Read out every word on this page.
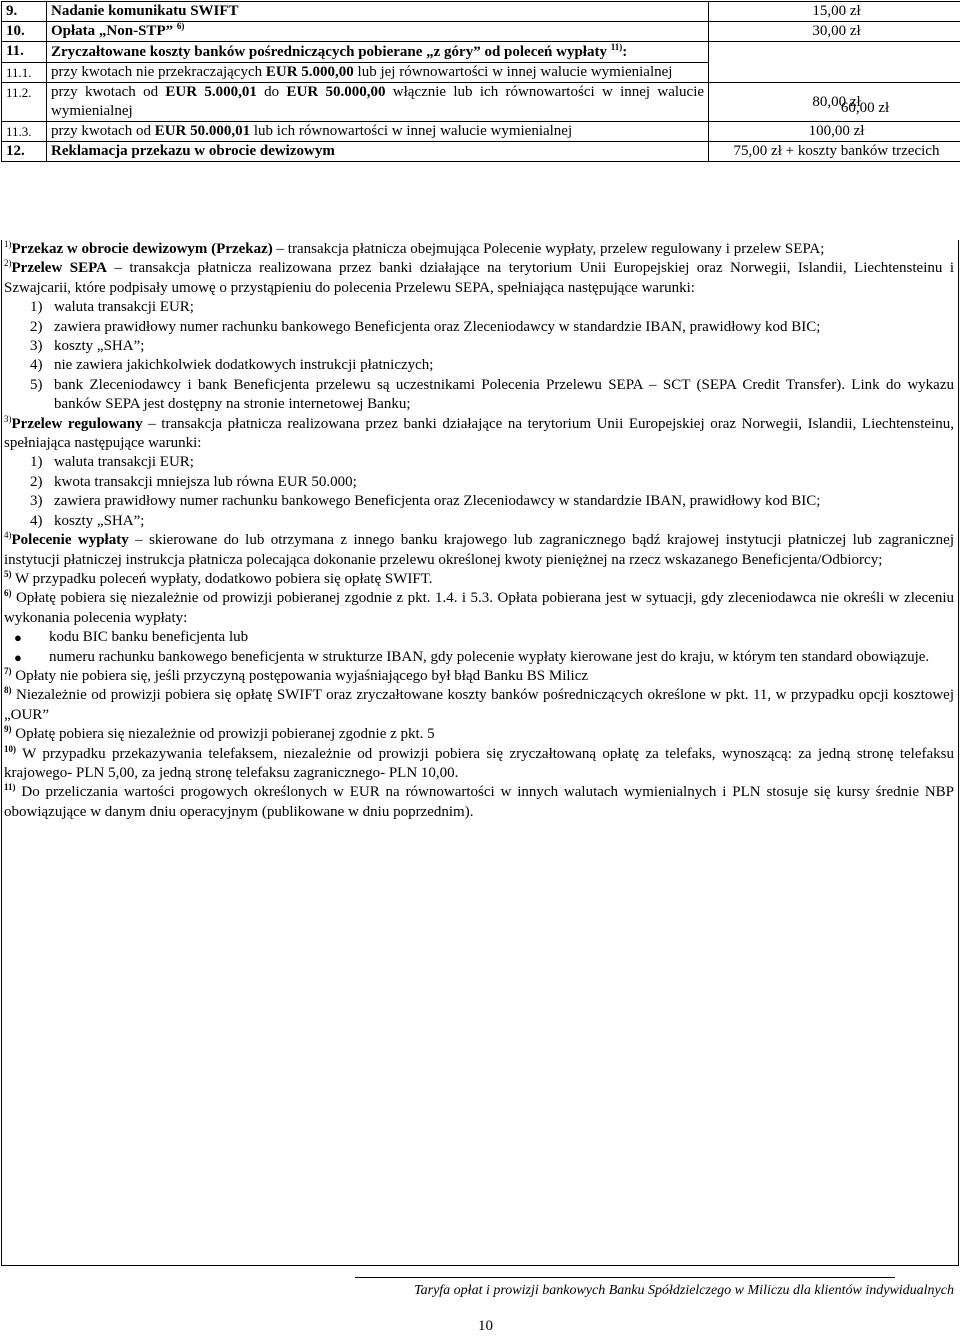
9.	Nadanie komunikatu SWIFT	15,00 zł
10.	Opłata „Non-STP” $^{6)}$	30,00 zł
11.	Zryczałtowane koszty banków pośredniczących pobierane „z góry” od poleceń wypłaty $^{11)}$:	
11.1.	przy kwotach nie przekraczających EUR 5.000,00 lub jej równowartości w innej walucie wymienialnej	
11.2.	przy kwotach od EUR 5.000,01 do EUR 50.000,00 włącznie lub ich równowartości w innej walucie wymienialnej	80,00 zł
11.3.	przy kwotach od EUR 50.000,01 lub ich równowartości w innej walucie wymienialnej	100,00 zł
12.	Reklamacja przekazu w obrocie dewizowym	75,00 zł + koszty banków trzecich
60,00 zł

$^{1)}$Przekaz w obrocie dewizowym (Przekaz) – transakcja płatnicza obejmująca Polecenie wypłaty, przelew regulowany i przelew SEPA;

$^{2)}$Przelew SEPA – transakcja płatnicza realizowana przez banki działające na terytorium Unii Europejskiej oraz Norwegii, Islandii, Liechtensteinu i Szwajcarii, które podpisały umowę o przystąpieniu do polecenia Przelewu SEPA, spełniająca następujące warunki:

1) waluta transakcji EUR;
2) zawiera prawidłowy numer rachunku bankowego Beneficjenta oraz Zleceniodawcy w standardzie IBAN, prawidłowy kod BIC;
3) koszty „SHA”;
4) nie zawiera jakichkolwiek dodatkowych instrukcji płatniczych;
5) bank Zleceniodawcy i bank Beneficjenta przelewu są uczestnikami Polecenia Przelewu SEPA – SCT (SEPA Credit Transfer). Link do wykazu banków SEPA jest dostępny na stronie internetowej Banku;

$^{3)}$Przelew regulowany – transakcja płatnicza realizowana przez banki działające na terytorium Unii Europejskiej oraz Norwegii, Islandii, Liechtensteinu, spełniająca następujące warunki:

1) waluta transakcji EUR;
2) kwota transakcji mniejsza lub równa EUR 50.000;
3) zawiera prawidłowy numer rachunku bankowego Beneficjenta oraz Zleceniodawcy w standardzie IBAN, prawidłowy kod BIC;
4) koszty „SHA”;

$^{4)}$Polecenie wypłaty – skierowane do lub otrzymana z innego banku krajowego lub zagranicznego bądź krajowej instytucji płatniczej lub zagranicznej instytucji płatniczej instrukcja płatnicza polecająca dokonanie przelewu określonej kwoty pieniężnej na rzecz wskazanego Beneficjenta/Odbiorcy;

$^{5)}$ W przypadku poleceń wypłaty, dodatkowo pobiera się opłatę SWIFT.

$^{6)}$ Opłatę pobiera się niezależnie od prowizji pobieranej zgodnie z pkt. 1.4. i 5.3. Opłata pobierana jest w sytuacji, gdy zleceniodawca nie określi w zleceniu wykonania polecenia wypłaty:

●	kodu BIC banku beneficjenta lub
●	numeru rachunku bankowego beneficjenta w strukturze IBAN, gdy polecenie wypłaty kierowane jest do kraju, w którym ten standard obowiązuje.

$^{7)}$ Opłaty nie pobiera się, jeśli przyczyną postępowania wyjaśniającego był błąd Banku BS Milicz

$^{8)}$ Niezależnie od prowizji pobiera się opłatę SWIFT oraz zryczałtowane koszty banków pośredniczących określone w pkt. 11, w przypadku opcji kosztowej „OUR”

$^{9)}$ Opłatę pobiera się niezależnie od prowizji pobieranej zgodnie z pkt. 5

$^{10)}$ W przypadku przekazywania telefaksem, niezależnie od prowizji pobiera się zryczałtowaną opłatę za telefaks, wynoszącą: za jedną stronę telefaksu krajowego- PLN 5,00, za jedną stronę telefaksu zagranicznego- PLN 10,00.

$^{11)}$ Do przeliczania wartości progowych określonych w EUR na równowartości w innych walutach wymienialnych i PLN stosuje się kursy średnie NBP obowiązujące w danym dniu operacyjnym (publikowane w dniu poprzednim).

Taryfa opłat i prowizji bankowych Banku Spółdzielczego w Miliczu dla klientów indywidualnych
10
